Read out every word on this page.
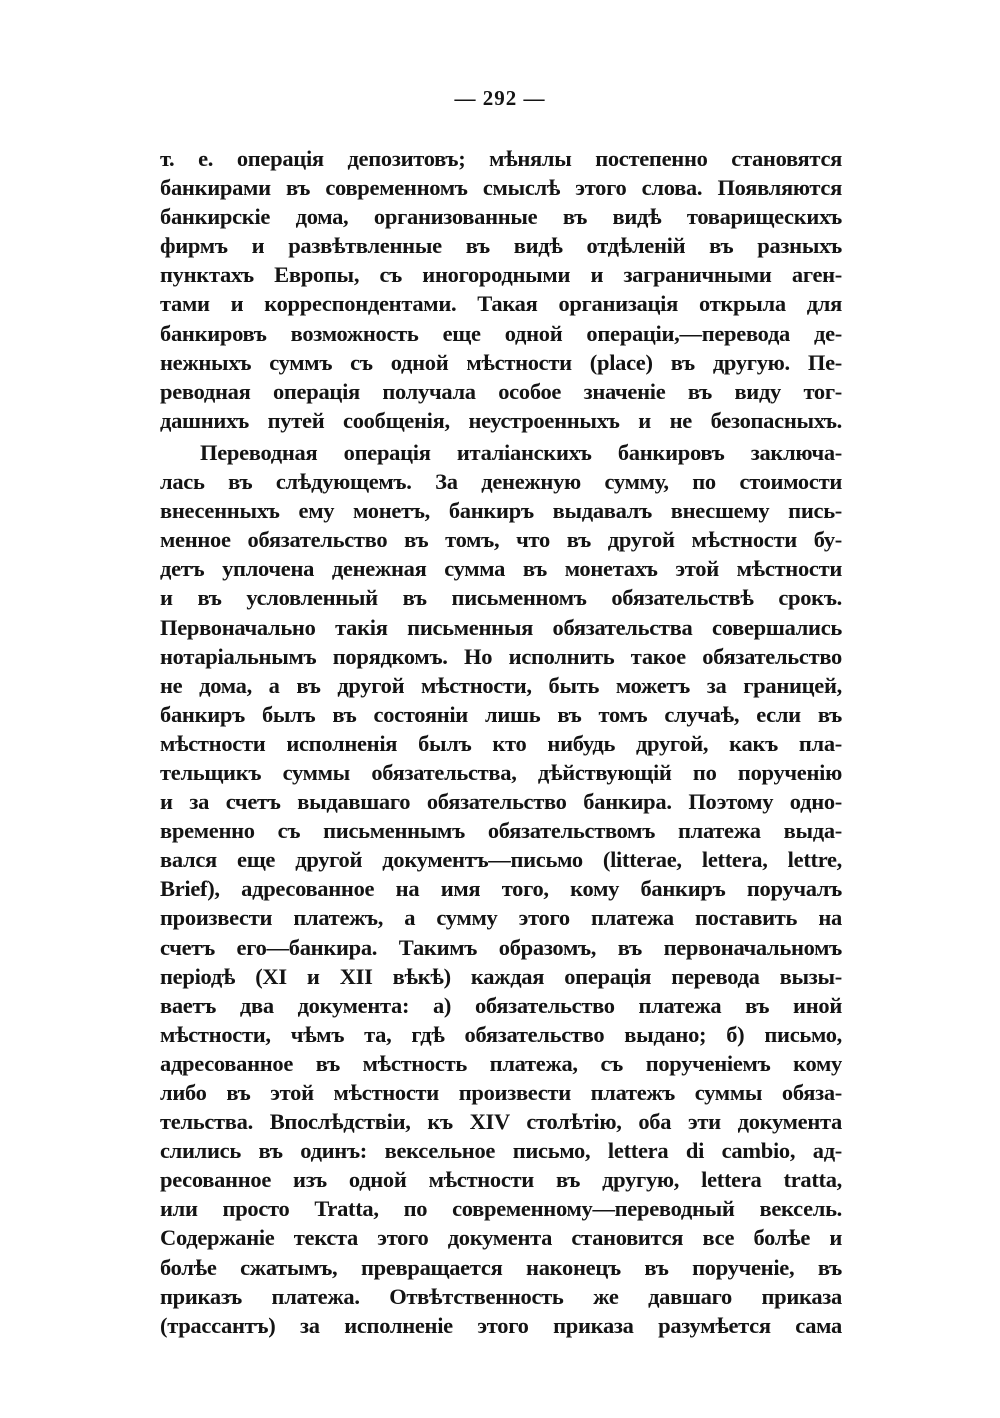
— 292 —
т. е. операція депозитовъ; мѣнялы постепенно становятся
банкирами въ современномъ смыслѣ этого слова. Появляются
банкирскіе дома, организованные въ видѣ товарищескихъ
фирмъ и развѣтвленные въ видѣ отдѣленій въ разныхъ
пунктахъ Европы, съ иногородными и заграничными аген-
тами и корреспондентами. Такая организація открыла для
банкировъ возможность еще одной операціи,—перевода де-
нежныхъ суммъ съ одной мѣстности (place) въ другую. Пе-
реводная операція получала особое значеніе въ виду тог-
дашнихъ путей сообщенія, неустроенныхъ и не безопасныхъ.
Переводная операція италіанскихъ банкировъ заключа-
лась въ слѣдующемъ. За денежную сумму, по стоимости
внесенныхъ ему монетъ, банкиръ выдавалъ внесшему пись-
менное обязательство въ томъ, что въ другой мѣстности бу-
детъ уплочена денежная сумма въ монетахъ этой мѣстности
и въ условленный въ письменномъ обязательствѣ срокъ.
Первоначально такія письменныя обязательства совершались
нотаріальнымъ порядкомъ. Но исполнить такое обязательство
не дома, а въ другой мѣстности, быть можетъ за границей,
банкиръ былъ въ состояніи лишь въ томъ случаѣ, если въ
мѣстности исполненія былъ кто нибудь другой, какъ пла-
тельщикъ суммы обязательства, дѣйствующій по порученію
и за счетъ выдавшаго обязательство банкира. Поэтому одно-
временно съ письменнымъ обязательствомъ платежа выда-
вался еще другой документъ—письмо (litterae, lettera, lettre,
Brief), адресованное на имя того, кому банкиръ поручалъ
произвести платежъ, а сумму этого платежа поставить на
счетъ его—банкира. Такимъ образомъ, въ первоначальномъ
періодѣ (XI и XII вѣкѣ) каждая операція перевода вызы-
ваетъ два документа: а) обязательство платежа въ иной
мѣстности, чѣмъ та, гдѣ обязательство выдано; б) письмо,
адресованное въ мѣстность платежа, съ порученіемъ кому
либо въ этой мѣстности произвести платежъ суммы обяза-
тельства. Впослѣдствіи, къ XIV столѣтію, оба эти документа
слились въ одинъ: вексельное письмо, lettera di cambio, ад-
ресованное изъ одной мѣстности въ другую, lettera tratta,
или просто Tratta, по современному—переводный вексель.
Содержаніе текста этого документа становится все болѣе и
болѣе сжатымъ, превращается наконецъ въ порученіе, въ
приказъ платежа. Отвѣтственность же давшаго приказа
(трассантъ) за исполненіе этого приказа разумѣется сама
